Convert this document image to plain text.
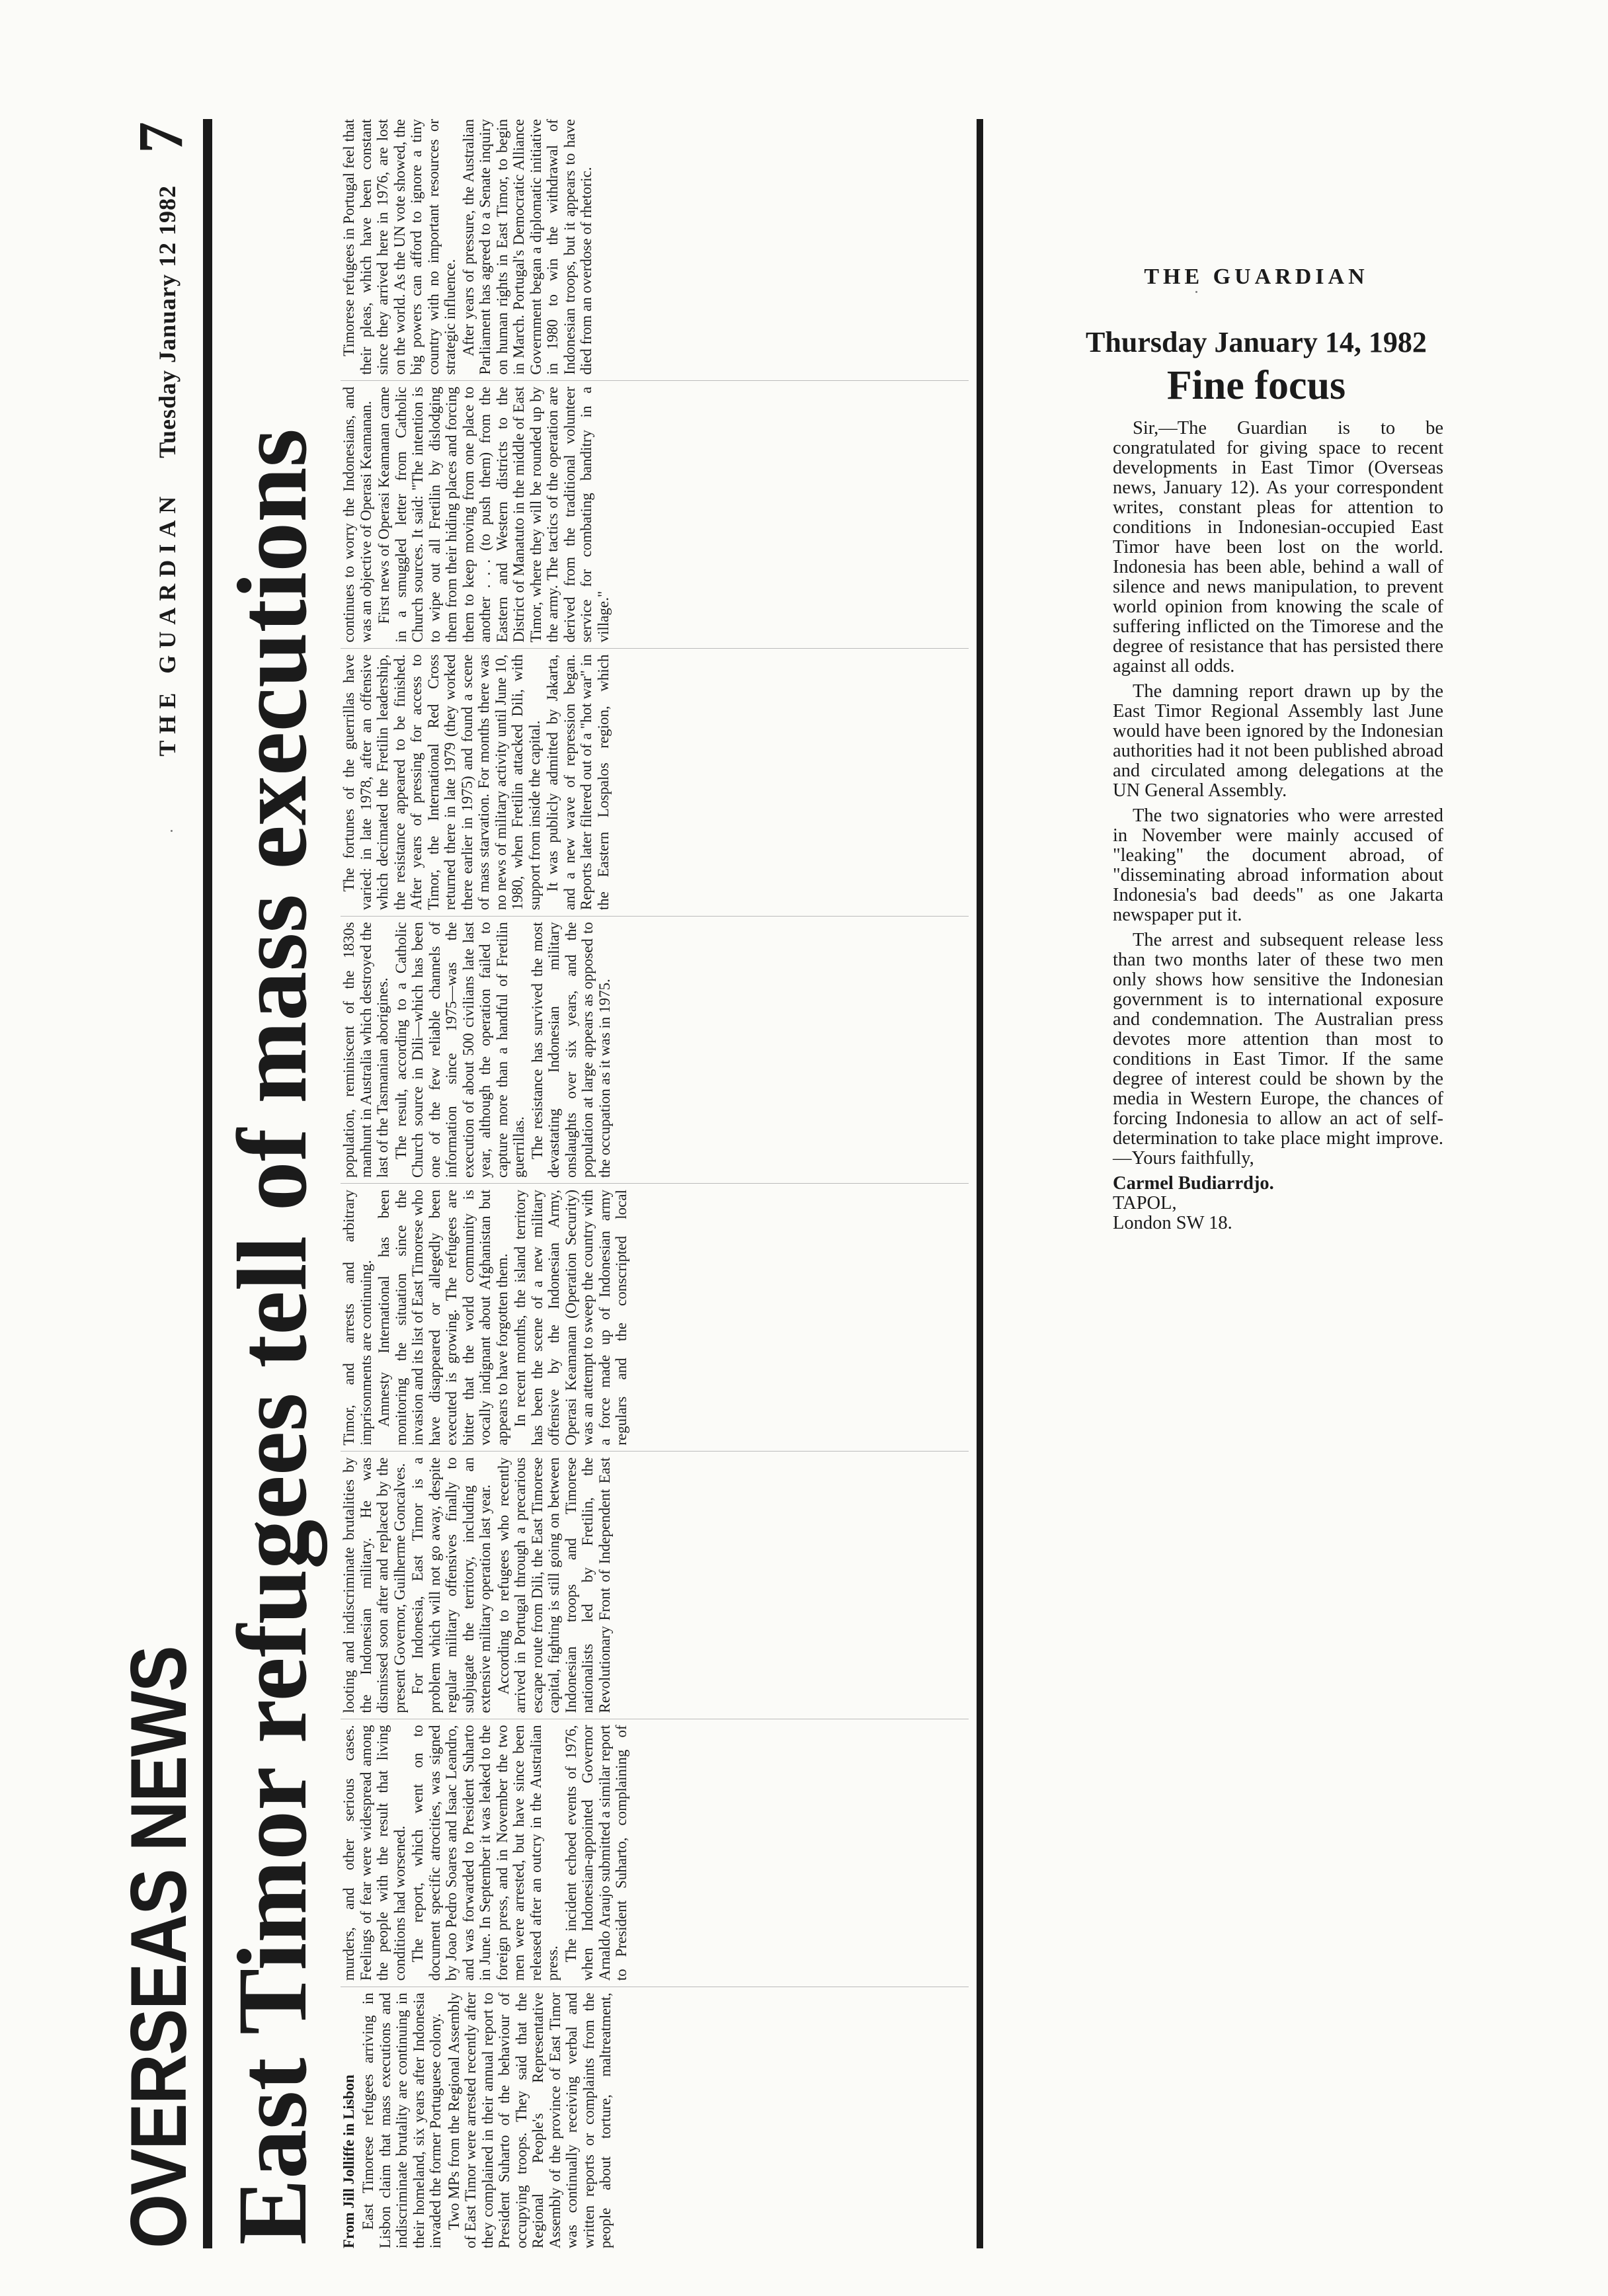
THE GUARDIAN Tuesday January 12 1982 7
OVERSEAS NEWS East Timor refugees tell of mass executions From Jill Jolliffe in Lisbon East Timorese refugees arriving in Lisbon claim that mass executions and indiscriminate brutality are continuing in their homeland, six years after Indonesia invaded the former Portuguese colony. Two MPs from the Regional Assembly of East Timor were arrested recently after they complained in their annual report to President Suharto of the behaviour of occupying troops. They said that the Regional People's Representative Assembly of the province of East Timor was continually receiving verbal and written reports or complaints from the people about torture, maltreatment, murders, and other serious cases. Feelings of fear were widespread among the people with the result that living conditions had worsened. The report, which went on to document specific atrocities, was signed by Joao Pedro Soares and Isaac Leandro, and was forwarded to President Suharto in June. In September it was leaked to the foreign press, and in November the two men were arrested, but have since been released after an outcry in the Australian press.

The incident echoed events of 1976, when Indonesian-appointed Governor Arnaldo Araujo submitted a similar report to President Suharto, complaining of looting and indiscriminate brutalities by the Indonesian military. He was dismissed soon after and replaced by the present Governor, Guilherme Goncalves. For Indonesia, East Timor is a problem which will not go away, despite regular military offensives finally to subjugate the territory, including an extensive military operation last year. According to refugees who recently arrived in Portugal through a precarious escape route from Dili, the East Timorese capital, fighting is still going on between Indonesian troops and Timorese nationalists led by Fretilin, the Revolutionary Front of Independent East Timor, and arrests and arbitrary imprisonments are continuing. Amnesty International has been monitoring the situation since the invasion and its list of East Timorese who have disappeared or allegedly been executed is growing. The refugees are bitter that the world community is vocally indignant about Afghanistan but appears to have forgotten them. In recent months, the island territory has been the scene of a new military offensive by the Indonesian Army, Operasi Keamanan (Operation Security) was an attempt to sweep the country with a force made up of Indonesian army regulars and the conscripted local population, reminiscent of the 1830s manhunt in Australia which destroyed the last of the Tasmanian aborigines. The result, according to a Catholic Church source in Dili—which has been one of the few reliable channels of information since 1975—was the execution of about 500 civilians late last year, although the operation failed to capture more than a handful of Fretilin guerrillas. The resistance has survived the most devastating Indonesian military onslaughts over six years, and the population at large appears as opposed to the occupation as it was in 1975.

The fortunes of the guerrillas have varied: in late 1978, after an offensive which decimated the Fretilin leadership, the resistance appeared to be finished. After years of pressing for access to Timor, the International Red Cross returned there in late 1979 (they worked there earlier in 1975) and found a scene of mass starvation. For months there was no news of military activity until June 10, 1980, when Fretilin attacked Dili, with support from inside the capital. It was publicly admitted by Jakarta, and a new wave of repression began. Reports later filtered out of a "hot war" in the Eastern Lospalos region, which continues to worry the Indonesians, and was an objective of Operasi Keamanan. First news of Operasi Keamanan came in a smuggled letter from Catholic Church sources. It said: "The intention is to wipe out all Fretilin by dislodging them from their hiding places and forcing them to keep moving from one place to another . . . (to push them) from the Eastern and Western districts to the District of Manatuto in the middle of East Timor, where they will be rounded up by the army. The tactics of the operation are derived from the traditional volunteer service for combating banditry in a village."

Timorese refugees in Portugal feel that their pleas, which have been constant since they arrived here in 1976, are lost on the world. As the UN vote showed, the big powers can afford to ignore a tiny country with no important resources or strategic influence. After years of pressure, the Australian Parliament has agreed to a Senate inquiry on human rights in East Timor, to begin in March. Portugal's Democratic Alliance Government began a diplomatic initiative in 1980 to win the withdrawal of Indonesian troops, but it appears to have died from an overdose of rhetoric.	THE GUARDIAN
Thursday January 14, 1982
Fine focus

Sir,—The Guardian is to be congratulated for giving space to recent developments in East Timor (Overseas news, January 12). As your correspondent writes, constant pleas for attention to conditions in Indonesian-occupied East Timor have been lost on the world. Indonesia has been able, behind a wall of silence and news manipulation, to prevent world opinion from knowing the scale of suffering inflicted on the Timorese and the degree of resistance that has persisted there against all odds.

The damning report drawn up by the East Timor Regional Assembly last June would have been ignored by the Indonesian authorities had it not been published abroad and circulated among delegations at the UN General Assembly.

The two signatories who were arrested in November were mainly accused of "leaking" the document abroad, of "disseminating abroad information about Indonesia's bad deeds" as one Jakarta newspaper put it.

The arrest and subsequent release less than two months later of these two men only shows how sensitive the Indonesian government is to international exposure and condemnation. The Australian press devotes more attention than most to conditions in East Timor. If the same degree of interest could be shown by the media in Western Europe, the chances of forcing Indonesia to allow an act of self-determination to take place might improve.—Yours faithfully,

Carmel Budiarrdjo.
TAPOL,
London SW 18.
